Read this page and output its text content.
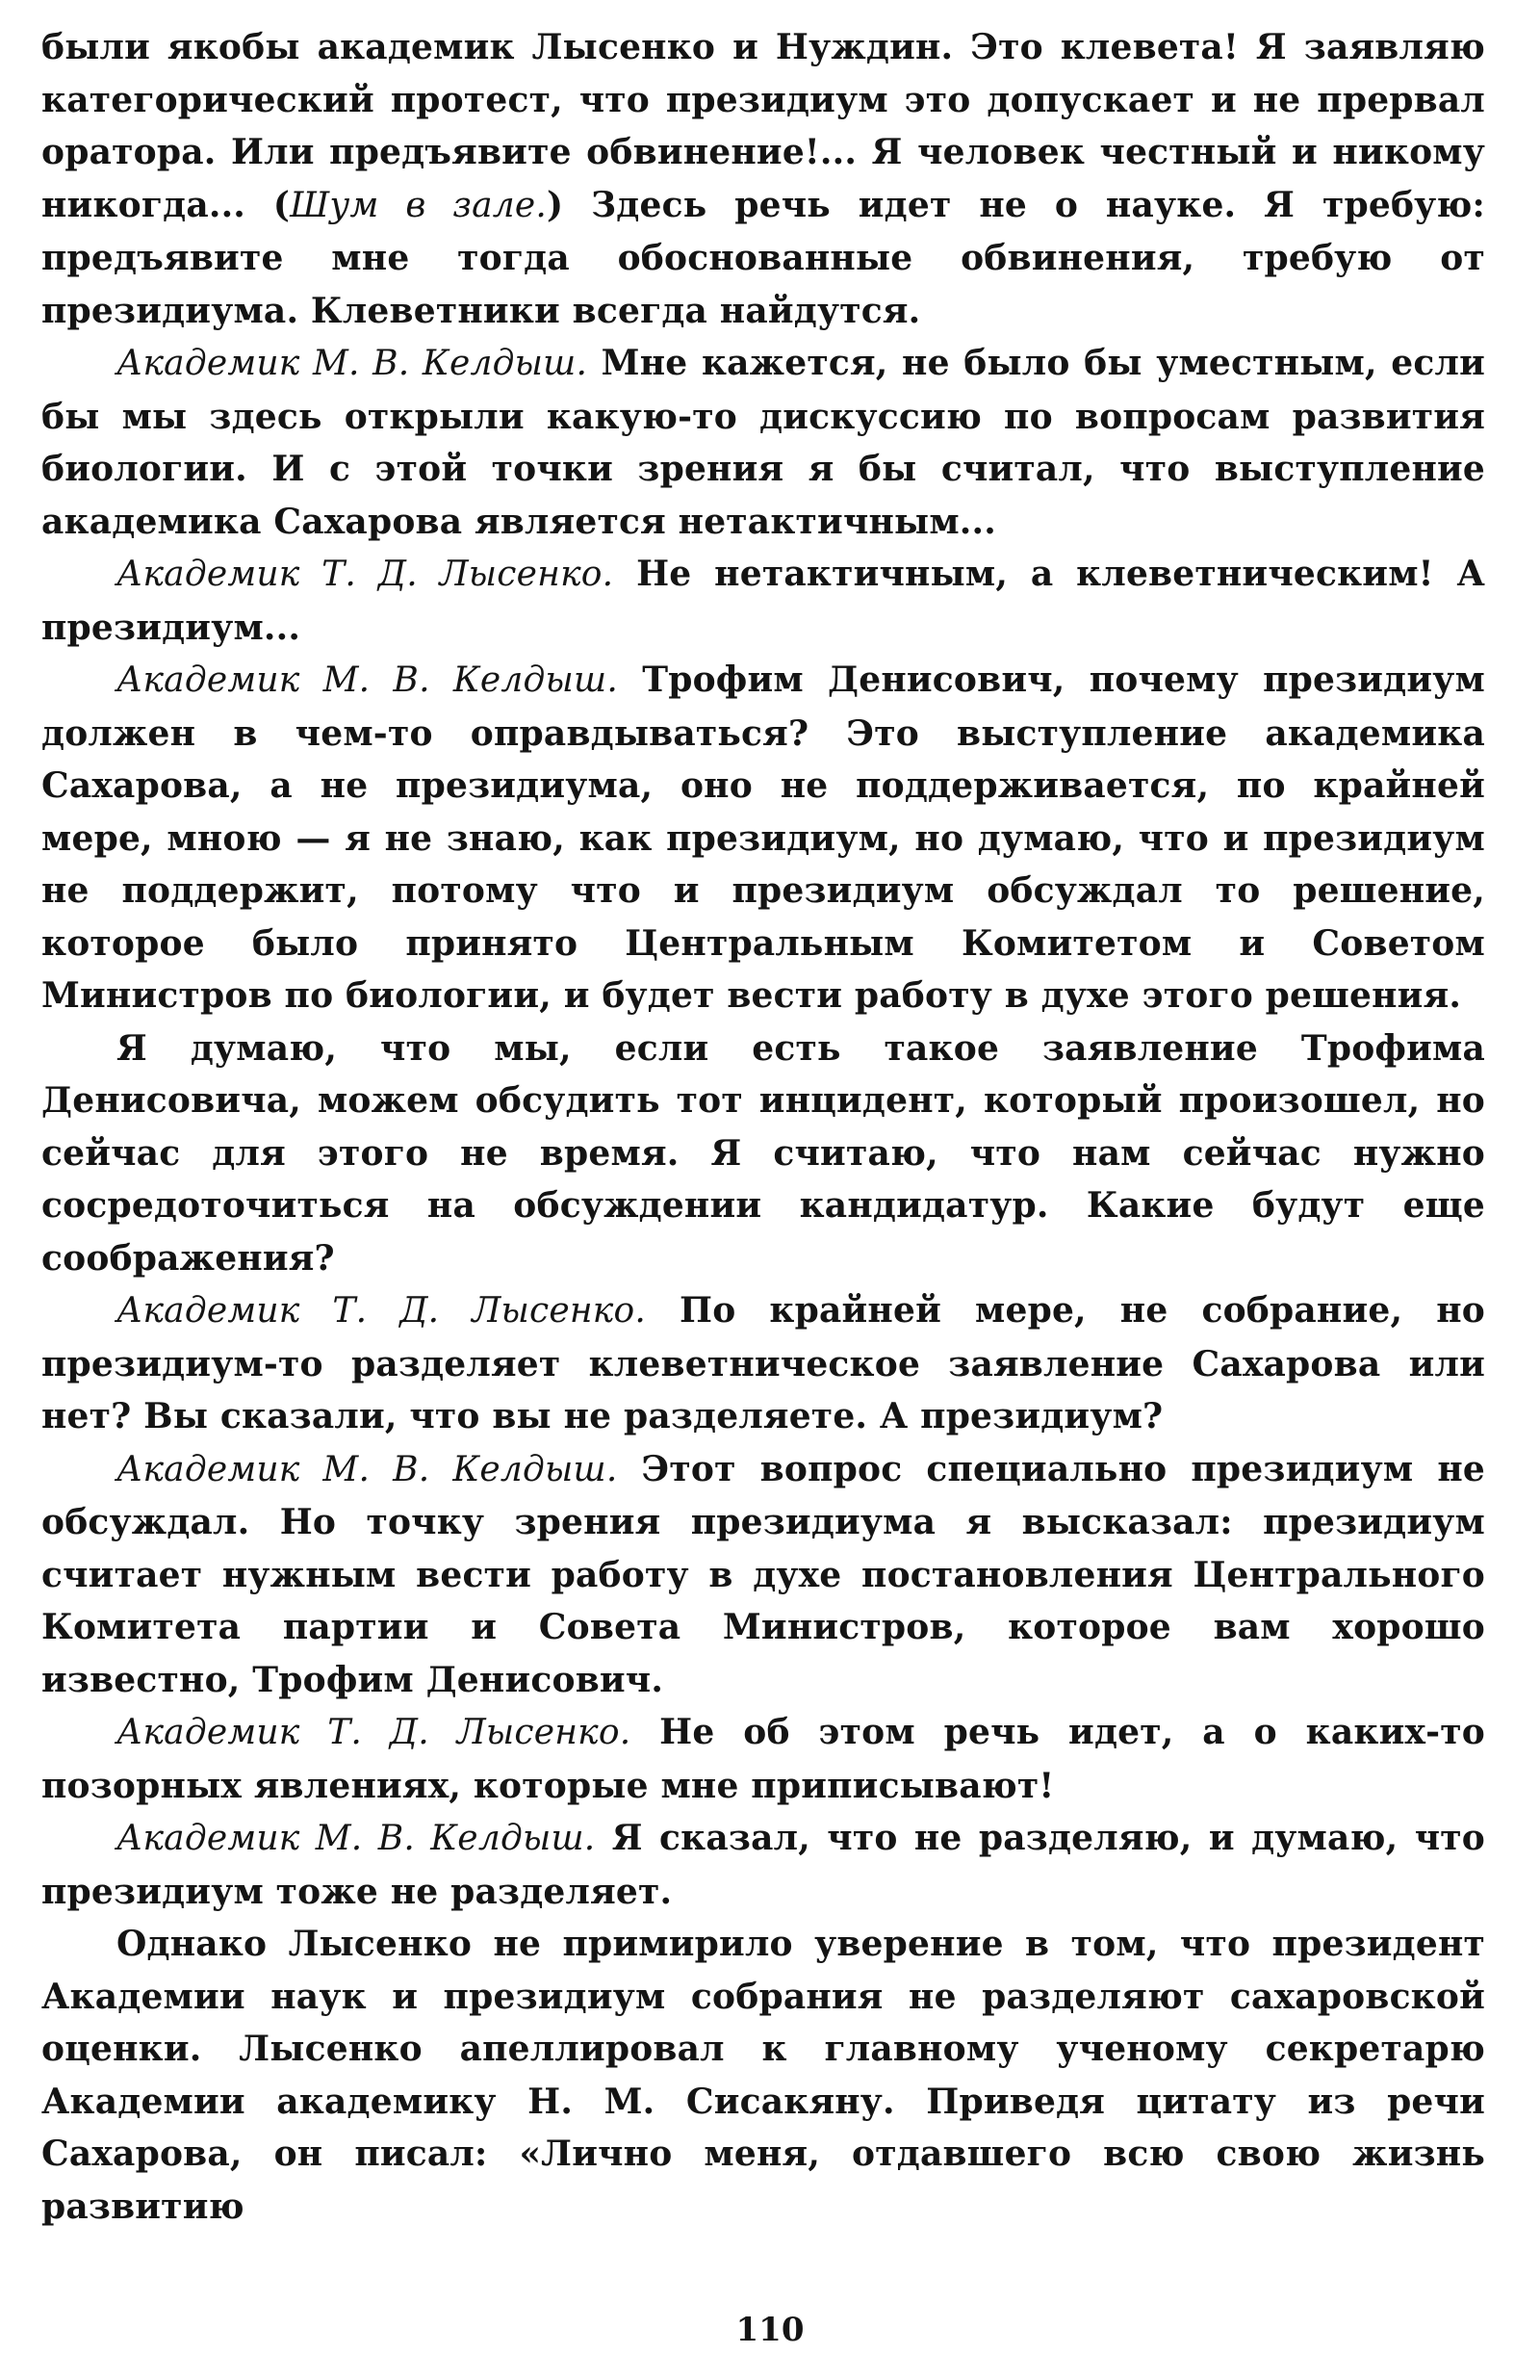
были якобы академик Лысенко и Нуждин. Это клевета! Я заявляю категорический протест, что президиум это допускает и не прервал оратора. Или предъявите обвинение!... Я человек честный и никому никогда... (Шум в зале.) Здесь речь идет не о науке. Я требую: предъявите мне тогда обоснованные обвинения, требую от президиума. Клеветники всегда найдутся.

Академик М. В. Келдыш. Мне кажется, не было бы уместным, если бы мы здесь открыли какую-то дискуссию по вопросам развития биологии. И с этой точки зрения я бы считал, что выступление академика Сахарова является нетактичным...

Академик Т. Д. Лысенко. Не нетактичным, а клеветническим! А президиум...

Академик М. В. Келдыш. Трофим Денисович, почему президиум должен в чем-то оправдываться? Это выступление академика Сахарова, а не президиума, оно не поддерживается, по крайней мере, мною — я не знаю, как президиум, но думаю, что и президиум не поддержит, потому что и президиум обсуждал то решение, которое было принято Центральным Комитетом и Советом Министров по биологии, и будет вести работу в духе этого решения.

Я думаю, что мы, если есть такое заявление Трофима Денисовича, можем обсудить тот инцидент, который произошел, но сейчас для этого не время. Я считаю, что нам сейчас нужно сосредоточиться на обсуждении кандидатур. Какие будут еще соображения?

Академик Т. Д. Лысенко. По крайней мере, не собрание, но президиум-то разделяет клеветническое заявление Сахарова или нет? Вы сказали, что вы не разделяете. А президиум?

Академик М. В. Келдыш. Этот вопрос специально президиум не обсуждал. Но точку зрения президиума я высказал: президиум считает нужным вести работу в духе постановления Центрального Комитета партии и Совета Министров, которое вам хорошо известно, Трофим Денисович.

Академик Т. Д. Лысенко. Не об этом речь идет, а о каких-то позорных явлениях, которые мне приписывают!

Академик М. В. Келдыш. Я сказал, что не разделяю, и думаю, что президиум тоже не разделяет.

Однако Лысенко не примирило уверение в том, что президент Академии наук и президиум собрания не разделяют сахаровской оценки. Лысенко апеллировал к главному ученому секретарю Академии академику Н. М. Сисакяну. Приведя цитату из речи Сахарова, он писал: «Лично меня, отдавшего всю свою жизнь развитию

110
